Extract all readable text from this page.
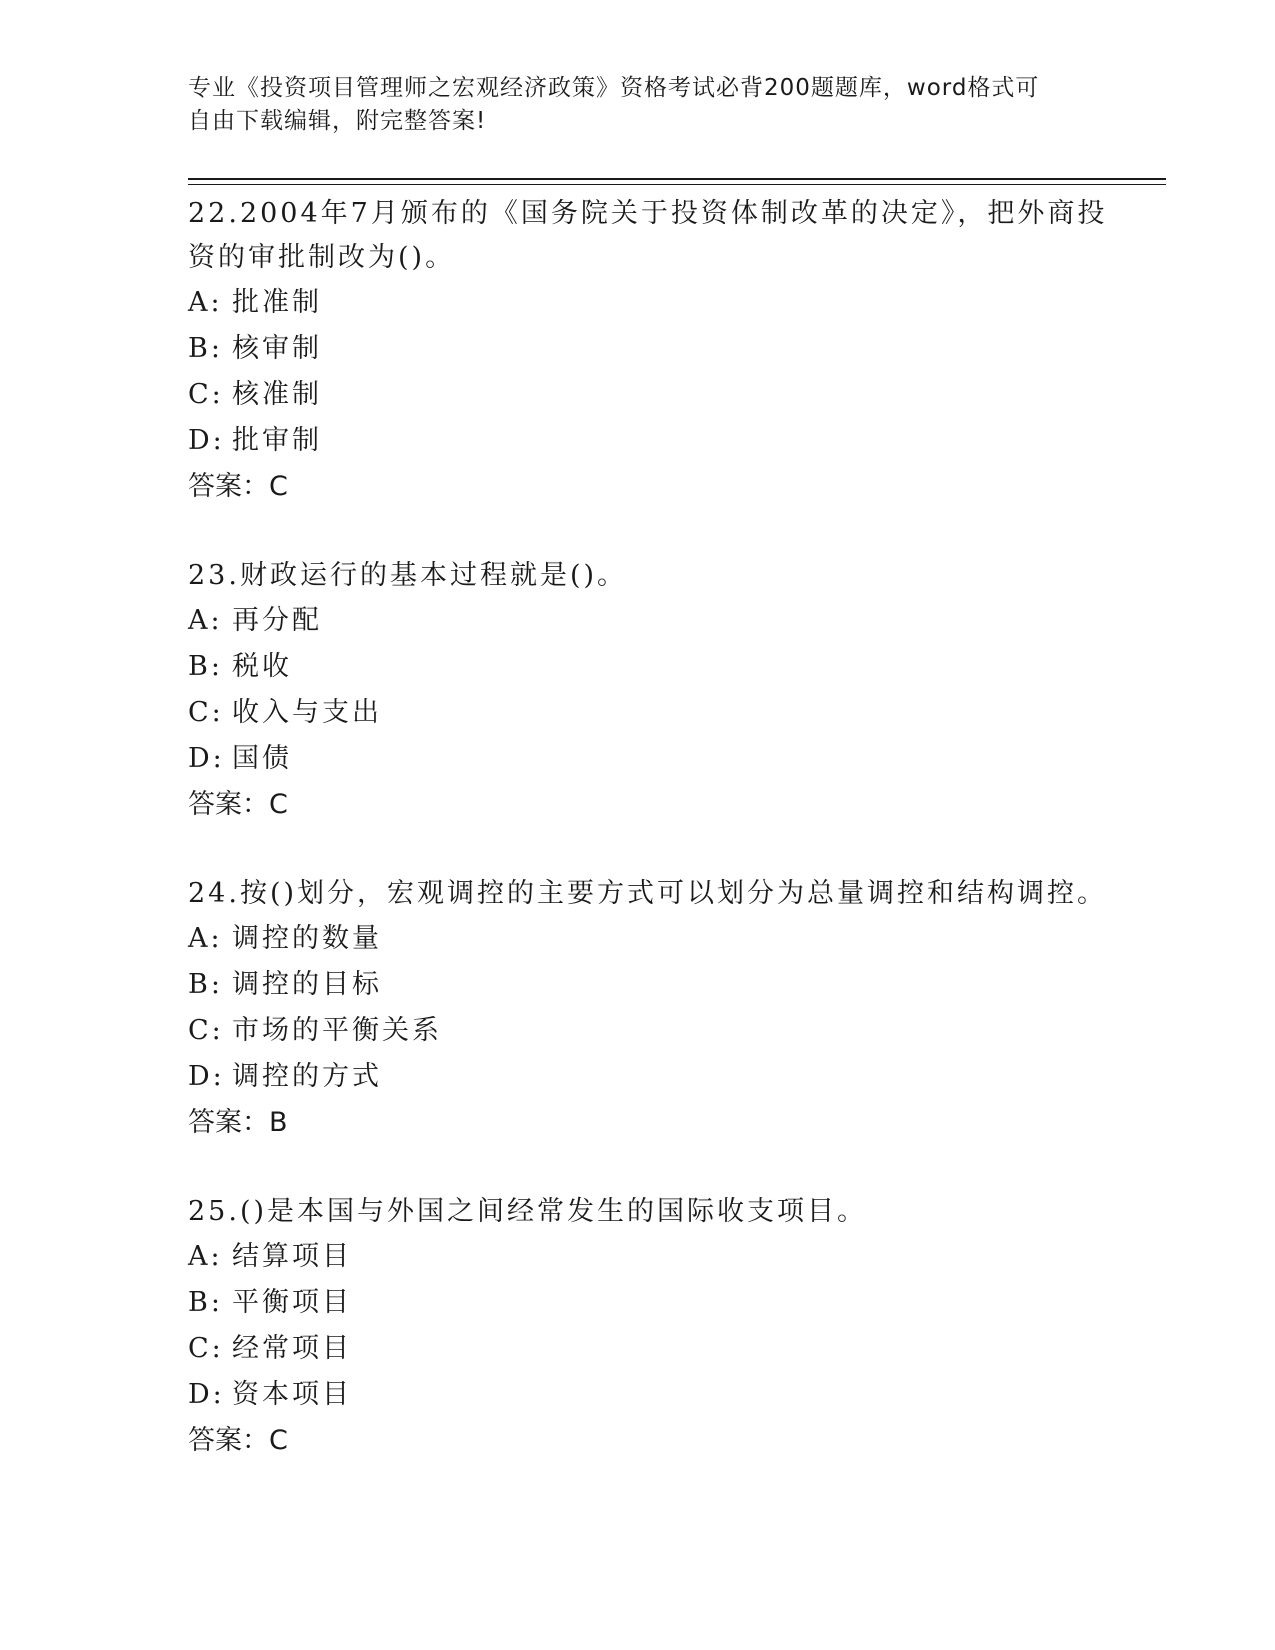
专业《投资项目管理师之宏观经济政策》资格考试必背200题题库，word格式可
自由下载编辑，附完整答案!

22.2004年7月颁布的《国务院关于投资体制改革的决定》，把外商投

资的审批制改为()。

A: 批准制

B: 核审制

C: 核准制

D: 批审制

答案：C

23.财政运行的基本过程就是()。

A: 再分配

B: 税收

C: 收入与支出

D: 国债

答案：C

24.按()划分，宏观调控的主要方式可以划分为总量调控和结构调控。

A: 调控的数量

B: 调控的目标

C: 市场的平衡关系

D: 调控的方式

答案：B

25.()是本国与外国之间经常发生的国际收支项目。

A: 结算项目

B: 平衡项目

C: 经常项目

D: 资本项目

答案：C
